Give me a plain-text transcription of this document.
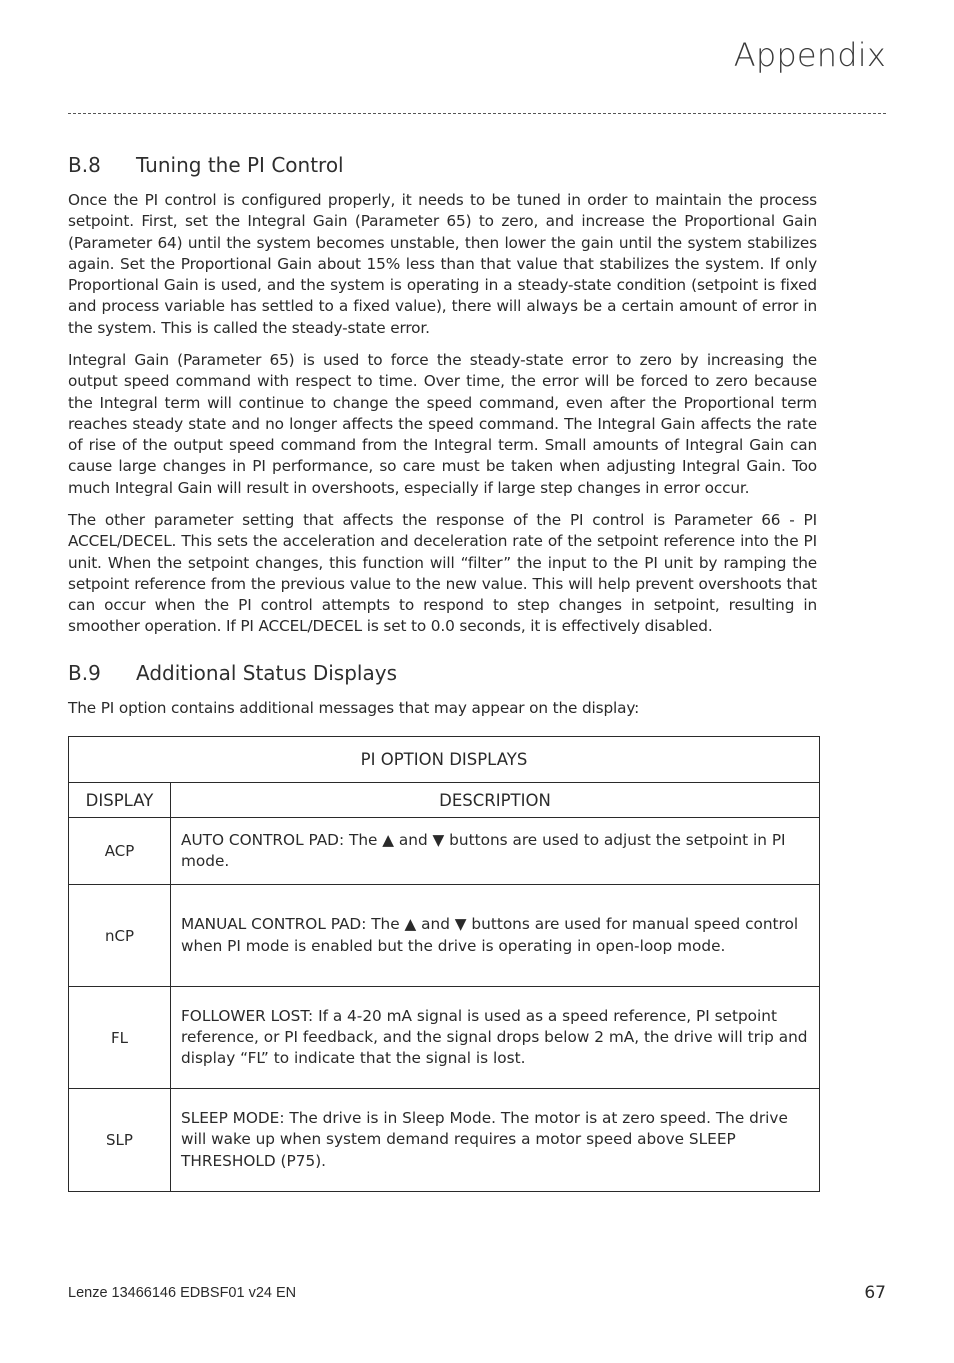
Appendix
B.8 Tuning the PI Control

Once the PI control is configured properly, it needs to be tuned in order to maintain the process setpoint. First, set the Integral Gain (Parameter 65) to zero, and increase the Proportional Gain (Parameter 64) until the system becomes unstable, then lower the gain until the system stabilizes again. Set the Proportional Gain about 15% less than that value that stabilizes the system. If only Proportional Gain is used, and the system is operating in a steady-state condition (setpoint is fixed and process variable has settled to a fixed value), there will always be a certain amount of error in the system. This is called the steady-state error.

Integral Gain (Parameter 65) is used to force the steady-state error to zero by increasing the output speed command with respect to time. Over time, the error will be forced to zero because the Integral term will continue to change the speed command, even after the Proportional term reaches steady state and no longer affects the speed command. The Integral Gain affects the rate of rise of the output speed command from the Integral term. Small amounts of Integral Gain can cause large changes in PI performance, so care must be taken when adjusting Integral Gain. Too much Integral Gain will result in overshoots, especially if large step changes in error occur.

The other parameter setting that affects the response of the PI control is Parameter 66 - PI ACCEL/DECEL. This sets the acceleration and deceleration rate of the setpoint reference into the PI unit. When the setpoint changes, this function will “filter” the input to the PI unit by ramping the setpoint reference from the previous value to the new value. This will help prevent overshoots that can occur when the PI control attempts to respond to step changes in setpoint, resulting in smoother operation. If PI ACCEL/DECEL is set to 0.0 seconds, it is effectively disabled.

B.9 Additional Status Displays

The PI option contains additional messages that may appear on the display:

PI OPTION DISPLAYS	
DISPLAY	DESCRIPTION
ACP	AUTO CONTROL PAD: The ▲ and ▼ buttons are used to adjust the setpoint in PI mode.
nCP	MANUAL CONTROL PAD: The ▲ and ▼ buttons are used for manual speed control when PI mode is enabled but the drive is operating in open-loop mode.
FL	FOLLOWER LOST: If a 4-20 mA signal is used as a speed reference, PI setpoint reference, or PI feedback, and the signal drops below 2 mA, the drive will trip and display “FL” to indicate that the signal is lost.
SLP	SLEEP MODE: The drive is in Sleep Mode. The motor is at zero speed. The drive will wake up when system demand requires a motor speed above SLEEP THRESHOLD (P75).
Lenze 13466146 EDBSF01 v24 EN	67
